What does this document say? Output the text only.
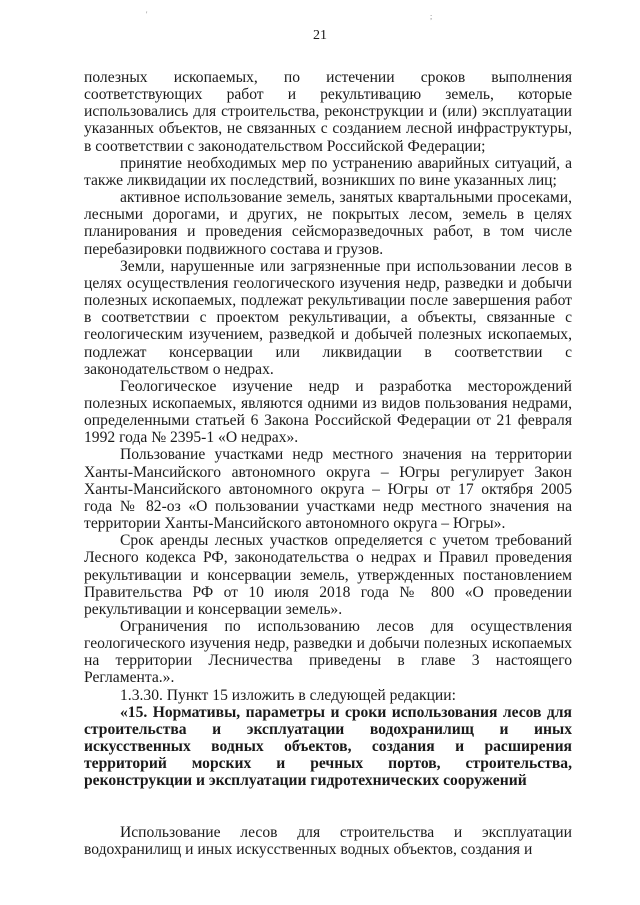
21
'	;

полезных ископаемых, по истечении сроков выполнения соответствующих работ и рекультивацию земель, которые использовались для строительства, реконструкции и (или) эксплуатации указанных объектов, не связанных с созданием лесной инфраструктуры, в соответствии с законодательством Российской Федерации;

принятие необходимых мер по устранению аварийных ситуаций, а также ликвидации их последствий, возникших по вине указанных лиц;

активное использование земель, занятых квартальными просеками, лесными дорогами, и других, не покрытых лесом, земель в целях планирования и проведения сейсморазведочных работ, в том числе перебазировки подвижного состава и грузов.

Земли, нарушенные или загрязненные при использовании лесов в целях осуществления геологического изучения недр, разведки и добычи полезных ископаемых, подлежат рекультивации после завершения работ в соответствии с проектом рекультивации, а объекты, связанные с геологическим изучением, разведкой и добычей полезных ископаемых, подлежат консервации или ликвидации в соответствии с законодательством о недрах.

Геологическое изучение недр и разработка месторождений полезных ископаемых, являются одними из видов пользования недрами, определенными статьей 6 Закона Российской Федерации от 21 февраля 1992 года № 2395-1 «О недрах».

Пользование участками недр местного значения на территории Ханты-Мансийского автономного округа – Югры регулирует Закон Ханты-Мансийского автономного округа – Югры от 17 октября 2005 года № 82-оз «О пользовании участками недр местного значения на территории Ханты-Мансийского автономного округа – Югры».

Срок аренды лесных участков определяется с учетом требований Лесного кодекса РФ, законодательства о недрах и Правил проведения рекультивации и консервации земель, утвержденных постановлением Правительства РФ от 10 июля 2018 года № 800 «О проведении рекультивации и консервации земель».

Ограничения по использованию лесов для осуществления геологического изучения недр, разведки и добычи полезных ископаемых на территории Лесничества приведены в главе 3 настоящего Регламента.».

1.3.30. Пункт 15 изложить в следующей редакции:

«15. Нормативы, параметры и сроки использования лесов для строительства и эксплуатации водохранилищ и иных искусственных водных объектов, создания и расширения территорий морских и речных портов, строительства, реконструкции и эксплуатации гидротехнических сооружений

Использование лесов для строительства и эксплуатации водохранилищ и иных искусственных водных объектов, создания и
